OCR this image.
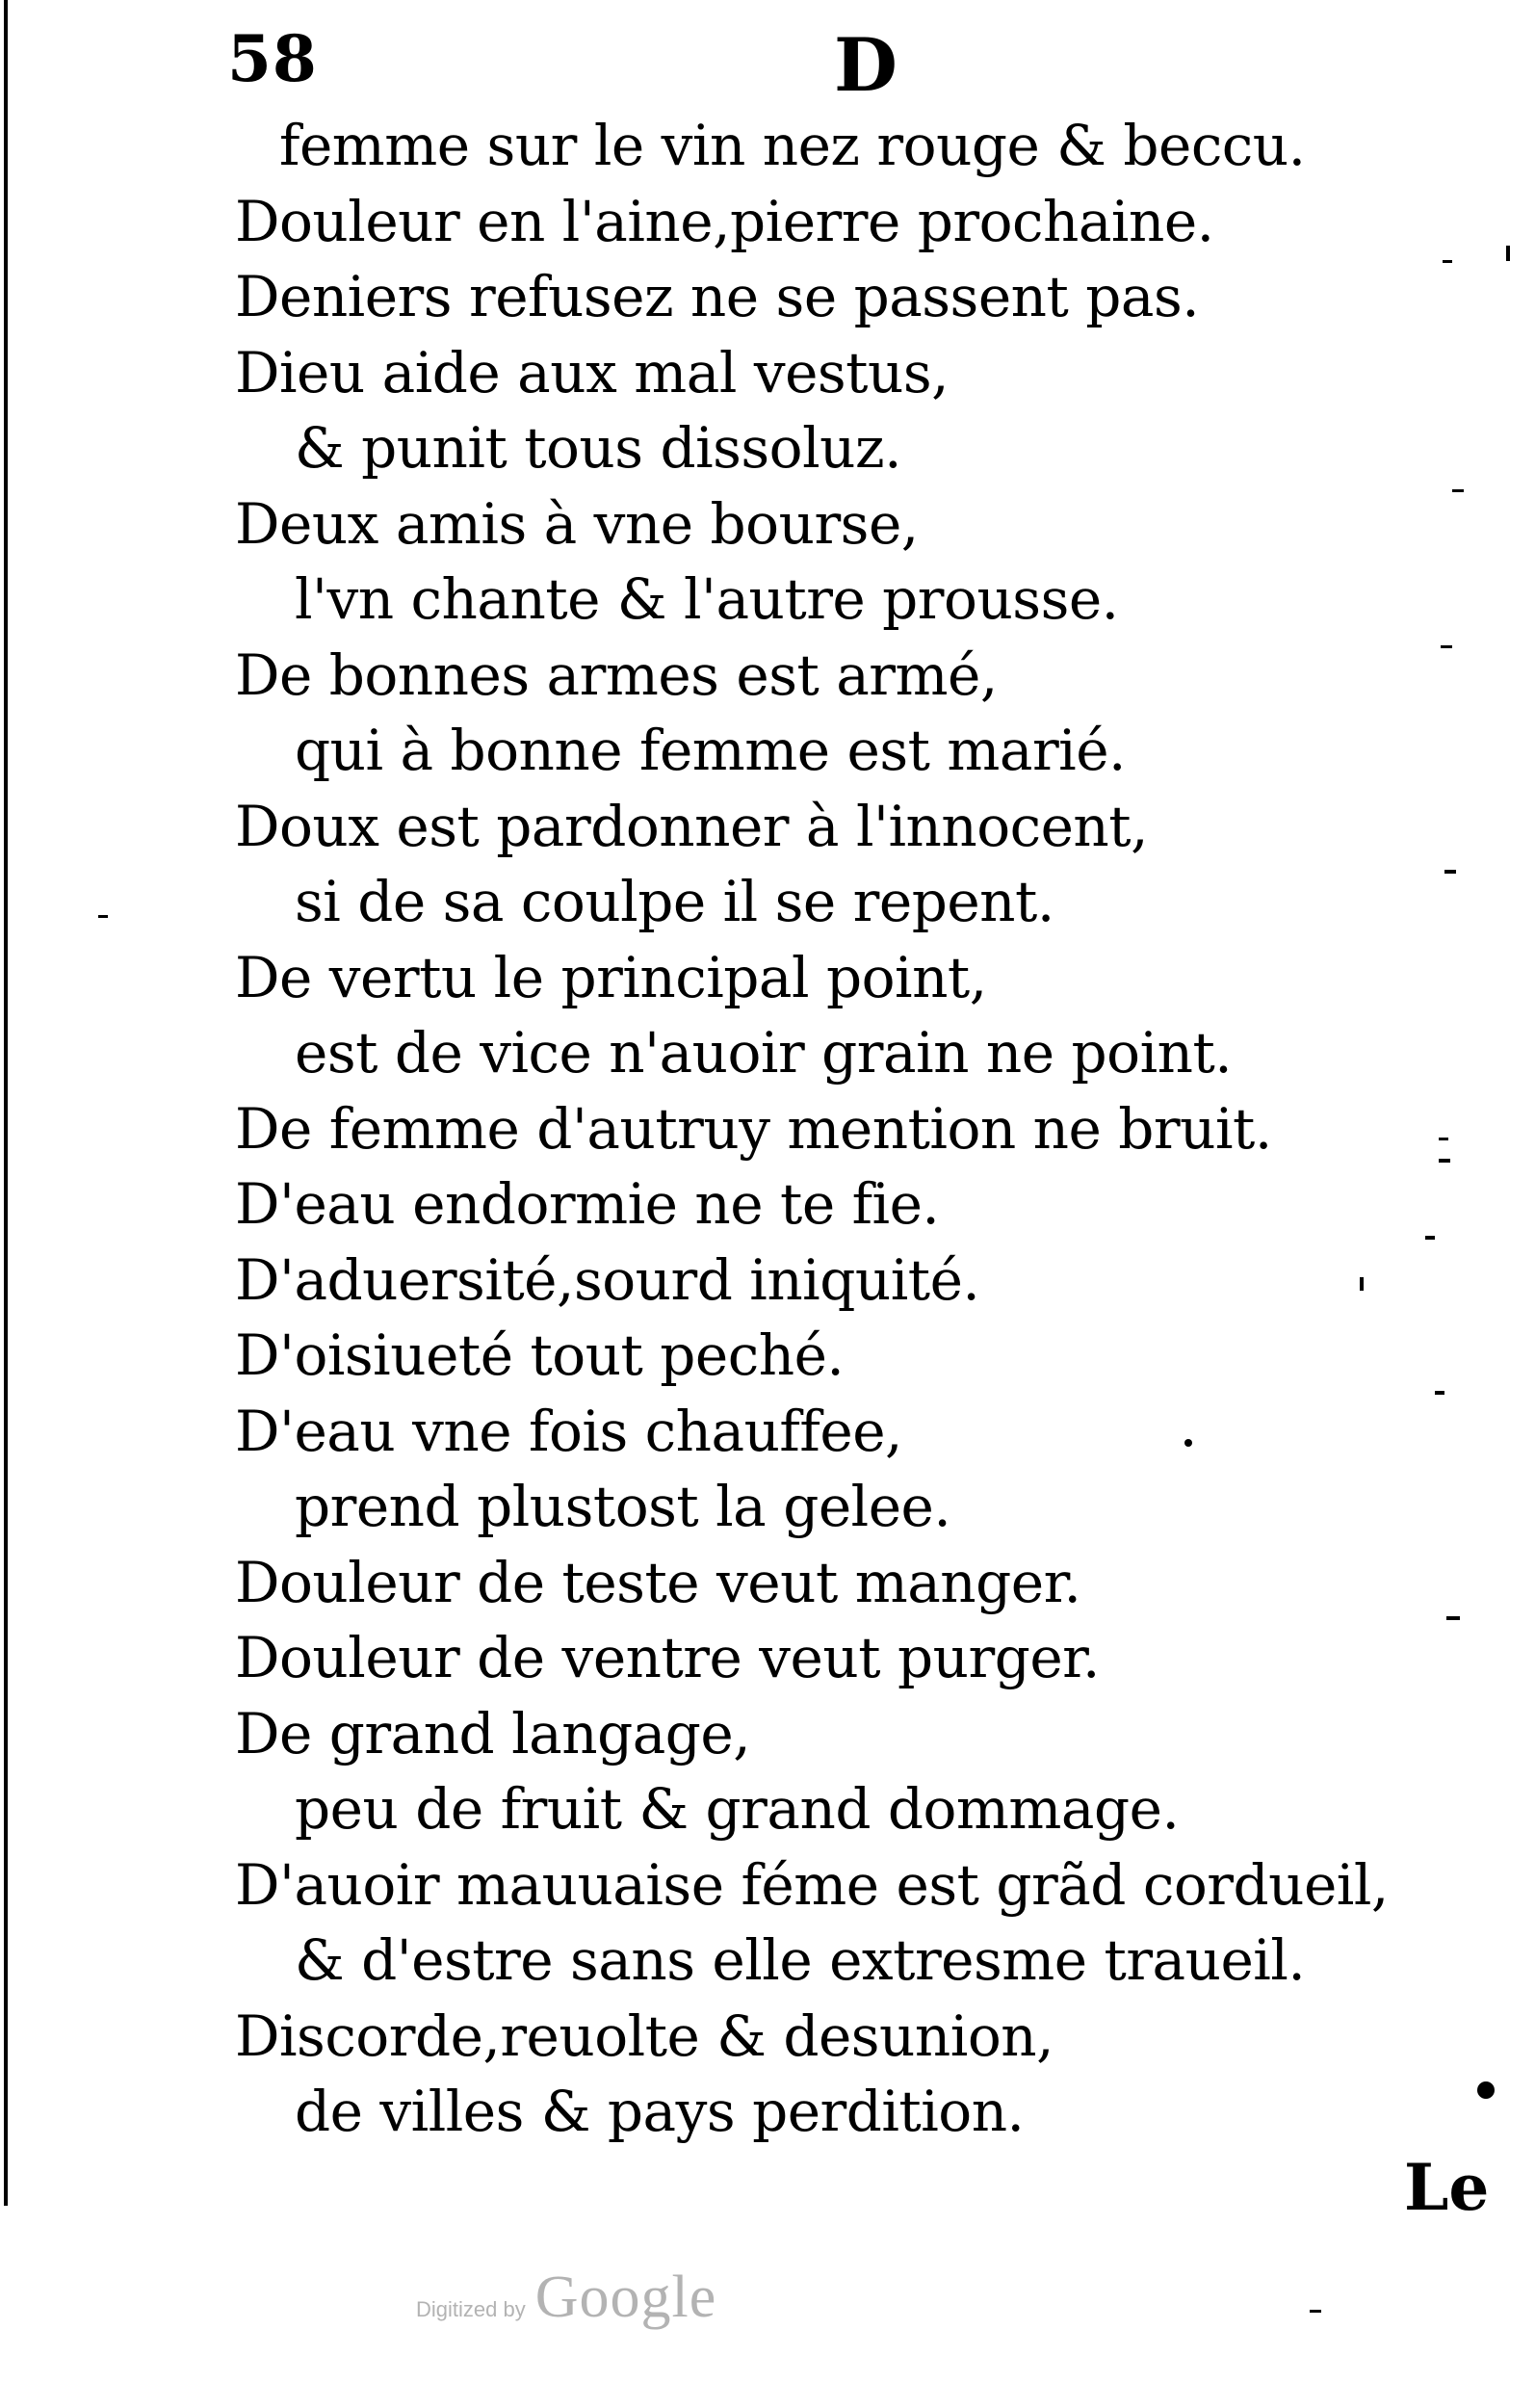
58	D
femme sur le vin nez rouge & beccu.
Douleur en l'aine,pierre prochaine.
Deniers refusez ne se passent pas.
Dieu aide aux mal vestus,
& punit tous dissoluz.
Deux amis à vne bourse,
l'vn chante & l'autre prousse.
De bonnes armes est armé,
qui à bonne femme est marié.
Doux est pardonner à l'innocent,
si de sa coulpe il se repent.
De vertu le principal point,
est de vice n'auoir grain ne point.
De femme d'autruy mention ne bruit.
D'eau endormie ne te fie.
D'aduersité,sourd iniquité.
D'oisiueté tout peché.
D'eau vne fois chauffee,
prend plustost la gelee.
Douleur de teste veut manger.
Douleur de ventre veut purger.
De grand langage,
peu de fruit & grand dommage.
D'auoir mauuaise féme est grãd cordueil,
& d'estre sans elle extresme traueil.
Discorde,reuolte & desunion,
de villes & pays perdition.
Le
Digitized by Google
